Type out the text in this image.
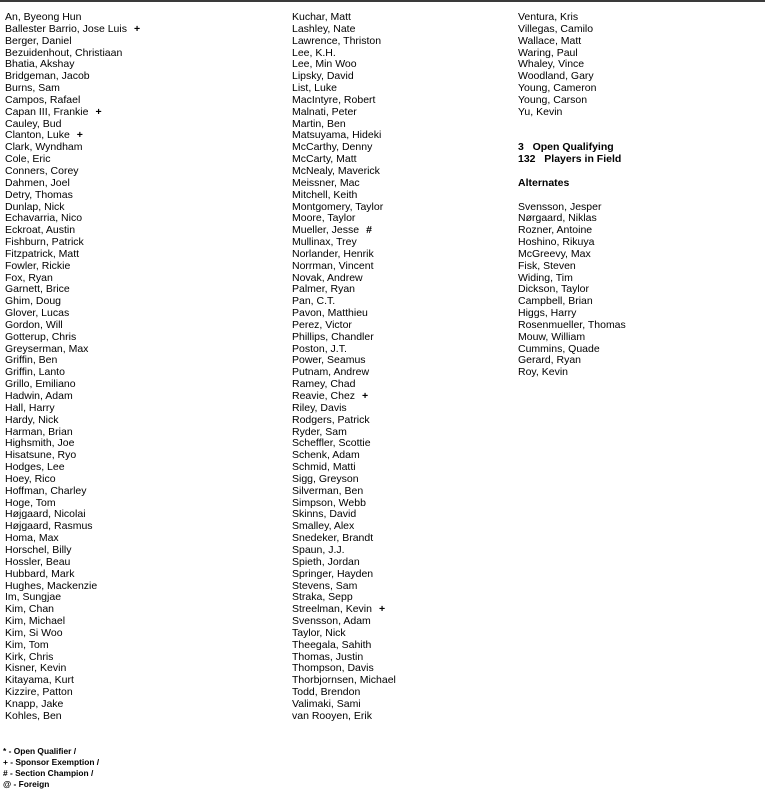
An, Byeong Hun
Ballester Barrio, Jose Luis +
Berger, Daniel
Bezuidenhout, Christiaan
Bhatia, Akshay
Bridgeman, Jacob
Burns, Sam
Campos, Rafael
Capan III, Frankie +
Cauley, Bud
Clanton, Luke +
Clark, Wyndham
Cole, Eric
Conners, Corey
Dahmen, Joel
Detry, Thomas
Dunlap, Nick
Echavarria, Nico
Eckroat, Austin
Fishburn, Patrick
Fitzpatrick, Matt
Fowler, Rickie
Fox, Ryan
Garnett, Brice
Ghim, Doug
Glover, Lucas
Gordon, Will
Gotterup, Chris
Greyserman, Max
Griffin, Ben
Griffin, Lanto
Grillo, Emiliano
Hadwin, Adam
Hall, Harry
Hardy, Nick
Harman, Brian
Highsmith, Joe
Hisatsune, Ryo
Hodges, Lee
Hoey, Rico
Hoffman, Charley
Hoge, Tom
Højgaard, Nicolai
Højgaard, Rasmus
Homa, Max
Horschel, Billy
Hossler, Beau
Hubbard, Mark
Hughes, Mackenzie
Im, Sungjae
Kim, Chan
Kim, Michael
Kim, Si Woo
Kim, Tom
Kirk, Chris
Kisner, Kevin
Kitayama, Kurt
Kizzire, Patton
Knapp, Jake
Kohles, Ben
Kuchar, Matt
Lashley, Nate
Lawrence, Thriston
Lee, K.H.
Lee, Min Woo
Lipsky, David
List, Luke
MacIntyre, Robert
Malnati, Peter
Martin, Ben
Matsuyama, Hideki
McCarthy, Denny
McCarty, Matt
McNealy, Maverick
Meissner, Mac
Mitchell, Keith
Montgomery, Taylor
Moore, Taylor
Mueller, Jesse #
Mullinax, Trey
Norlander, Henrik
Norrman, Vincent
Novak, Andrew
Palmer, Ryan
Pan, C.T.
Pavon, Matthieu
Perez, Victor
Phillips, Chandler
Poston, J.T.
Power, Seamus
Putnam, Andrew
Ramey, Chad
Reavie, Chez +
Riley, Davis
Rodgers, Patrick
Ryder, Sam
Scheffler, Scottie
Schenk, Adam
Schmid, Matti
Sigg, Greyson
Silverman, Ben
Simpson, Webb
Skinns, David
Smalley, Alex
Snedeker, Brandt
Spaun, J.J.
Spieth, Jordan
Springer, Hayden
Stevens, Sam
Straka, Sepp
Streelman, Kevin +
Svensson, Adam
Taylor, Nick
Theegala, Sahith
Thomas, Justin
Thompson, Davis
Thorbjornsen, Michael
Todd, Brendon
Valimaki, Sami
van Rooyen, Erik
Ventura, Kris
Villegas, Camilo
Wallace, Matt
Waring, Paul
Whaley, Vince
Woodland, Gary
Young, Cameron
Young, Carson
Yu, Kevin
3   Open Qualifying
132   Players in Field
Alternates
Svensson, Jesper
Nørgaard, Niklas
Rozner, Antoine
Hoshino, Rikuya
McGreevy, Max
Fisk, Steven
Widing, Tim
Dickson, Taylor
Campbell, Brian
Higgs, Harry
Rosenmueller, Thomas
Mouw, William
Cummins, Quade
Gerard, Ryan
Roy, Kevin
* - Open Qualifier /
+ - Sponsor Exemption /
# - Section Champion /
@ - Foreign
